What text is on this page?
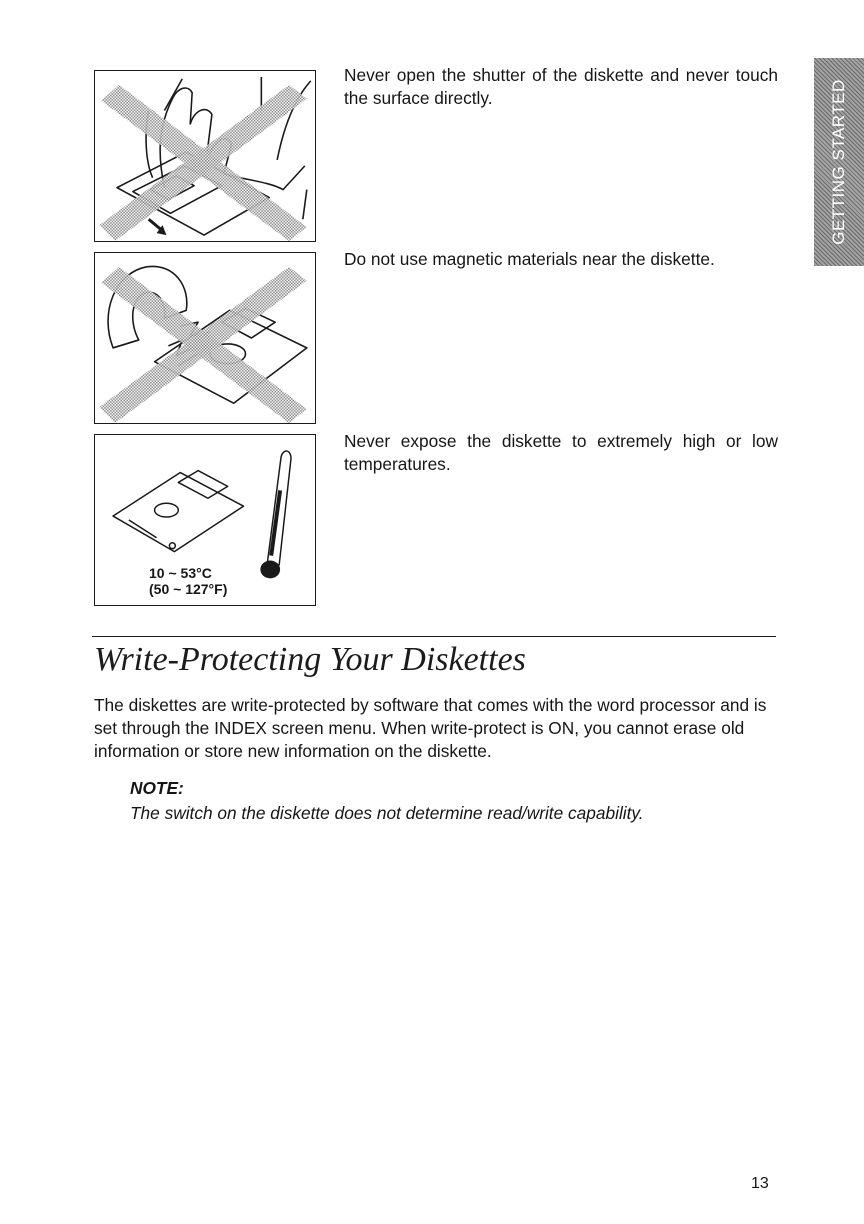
GETTING STARTED
Never open the shutter of the diskette and never touch the surface directly.
Do not use magnetic materials near the diskette.
10 ~ 53°C
(50 ~ 127°F)
Never expose the diskette to extremely high or low temperatures.
Write-Protecting Your Diskettes

The diskettes are write-protected by software that comes with the word processor and is set through the INDEX screen menu. When write-protect is ON, you cannot erase old information or store new information on the diskette.

NOTE:
The switch on the diskette does not determine read/write capability.
13
